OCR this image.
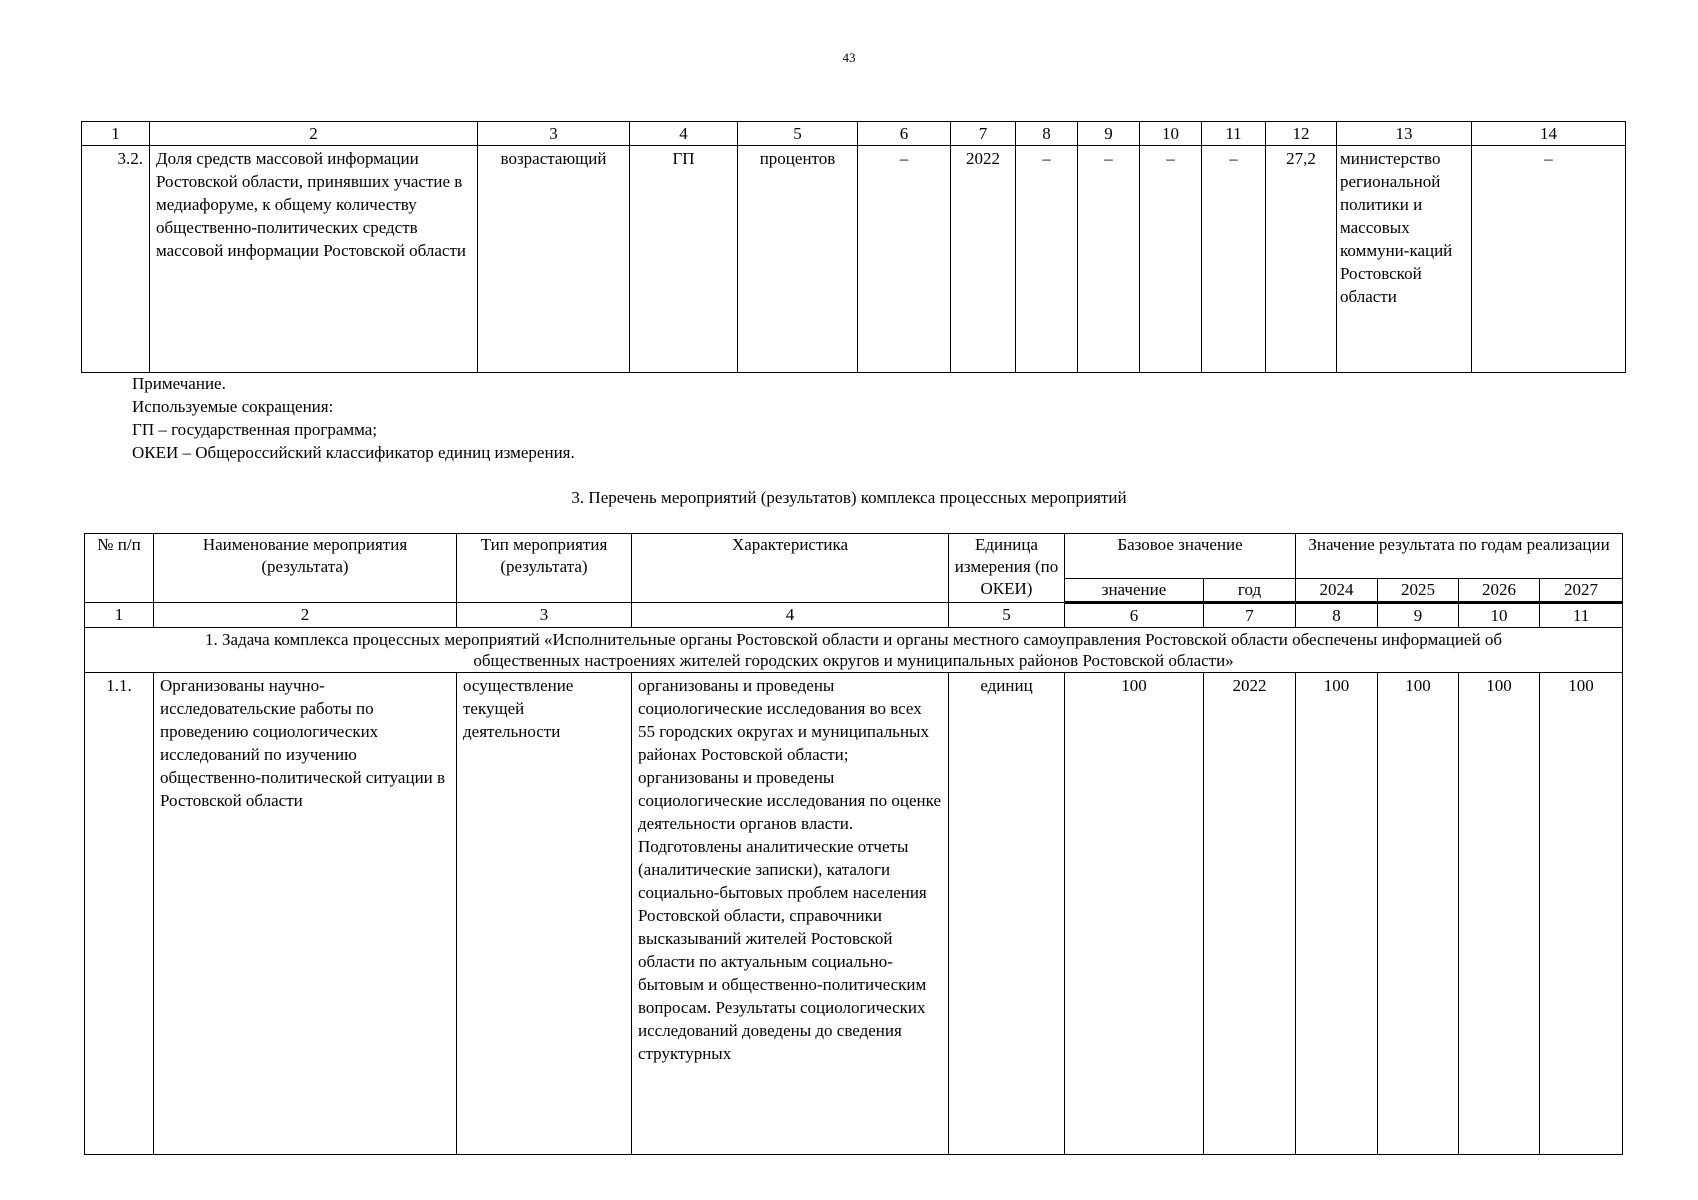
43
1	2	3	4	5	6	7	8	9	10	11	12	13	14
3.2.	Доля средств массовой информации Ростовской области, принявших участие в медиафоруме, к общему количеству общественно-политических средств массовой информации Ростовской области	возрастающий	ГП	процентов	–	2022	–	–	–	–	27,2	министерство региональной политики и массовых коммуни-каций Ростовской области	–
Примечание.
Используемые сокращения:
ГП – государственная программа;
ОКЕИ – Общероссийский классификатор единиц измерения.
3. Перечень мероприятий (результатов) комплекса процессных мероприятий
№ п/п	Наименование мероприятия (результата)	Тип мероприятия (результата)	Характеристика	Единица измерения (по ОКЕИ)	Базовое значение		Значение результата по годам реализации			
					значение	год	2024	2025	2026	2027
1	2	3	4	5	6	7	8	9	10	11
1. Задача комплекса процессных мероприятий «Исполнительные органы Ростовской области и органы местного самоуправления Ростовской области обеспечены информацией об общественных настроениях жителей городских округов и муниципальных районов Ростовской области»										
1.1.	Организованы научно-исследовательские работы по проведению социологических исследований по изучению общественно-политической ситуации в Ростовской области	осуществление текущей деятельности	организованы и проведены социологические исследования во всех 55 городских округах и муниципальных районах Ростовской области; организованы и проведены социологические исследования по оценке деятельности органов власти. Подготовлены аналитические отчеты (аналитические записки), каталоги социально-бытовых проблем населения Ростовской области, справочники высказываний жителей Ростовской области по актуальным социально-бытовым и общественно-политическим вопросам. Результаты социологических исследований доведены до сведения структурных	единиц	100	2022	100	100	100	100
